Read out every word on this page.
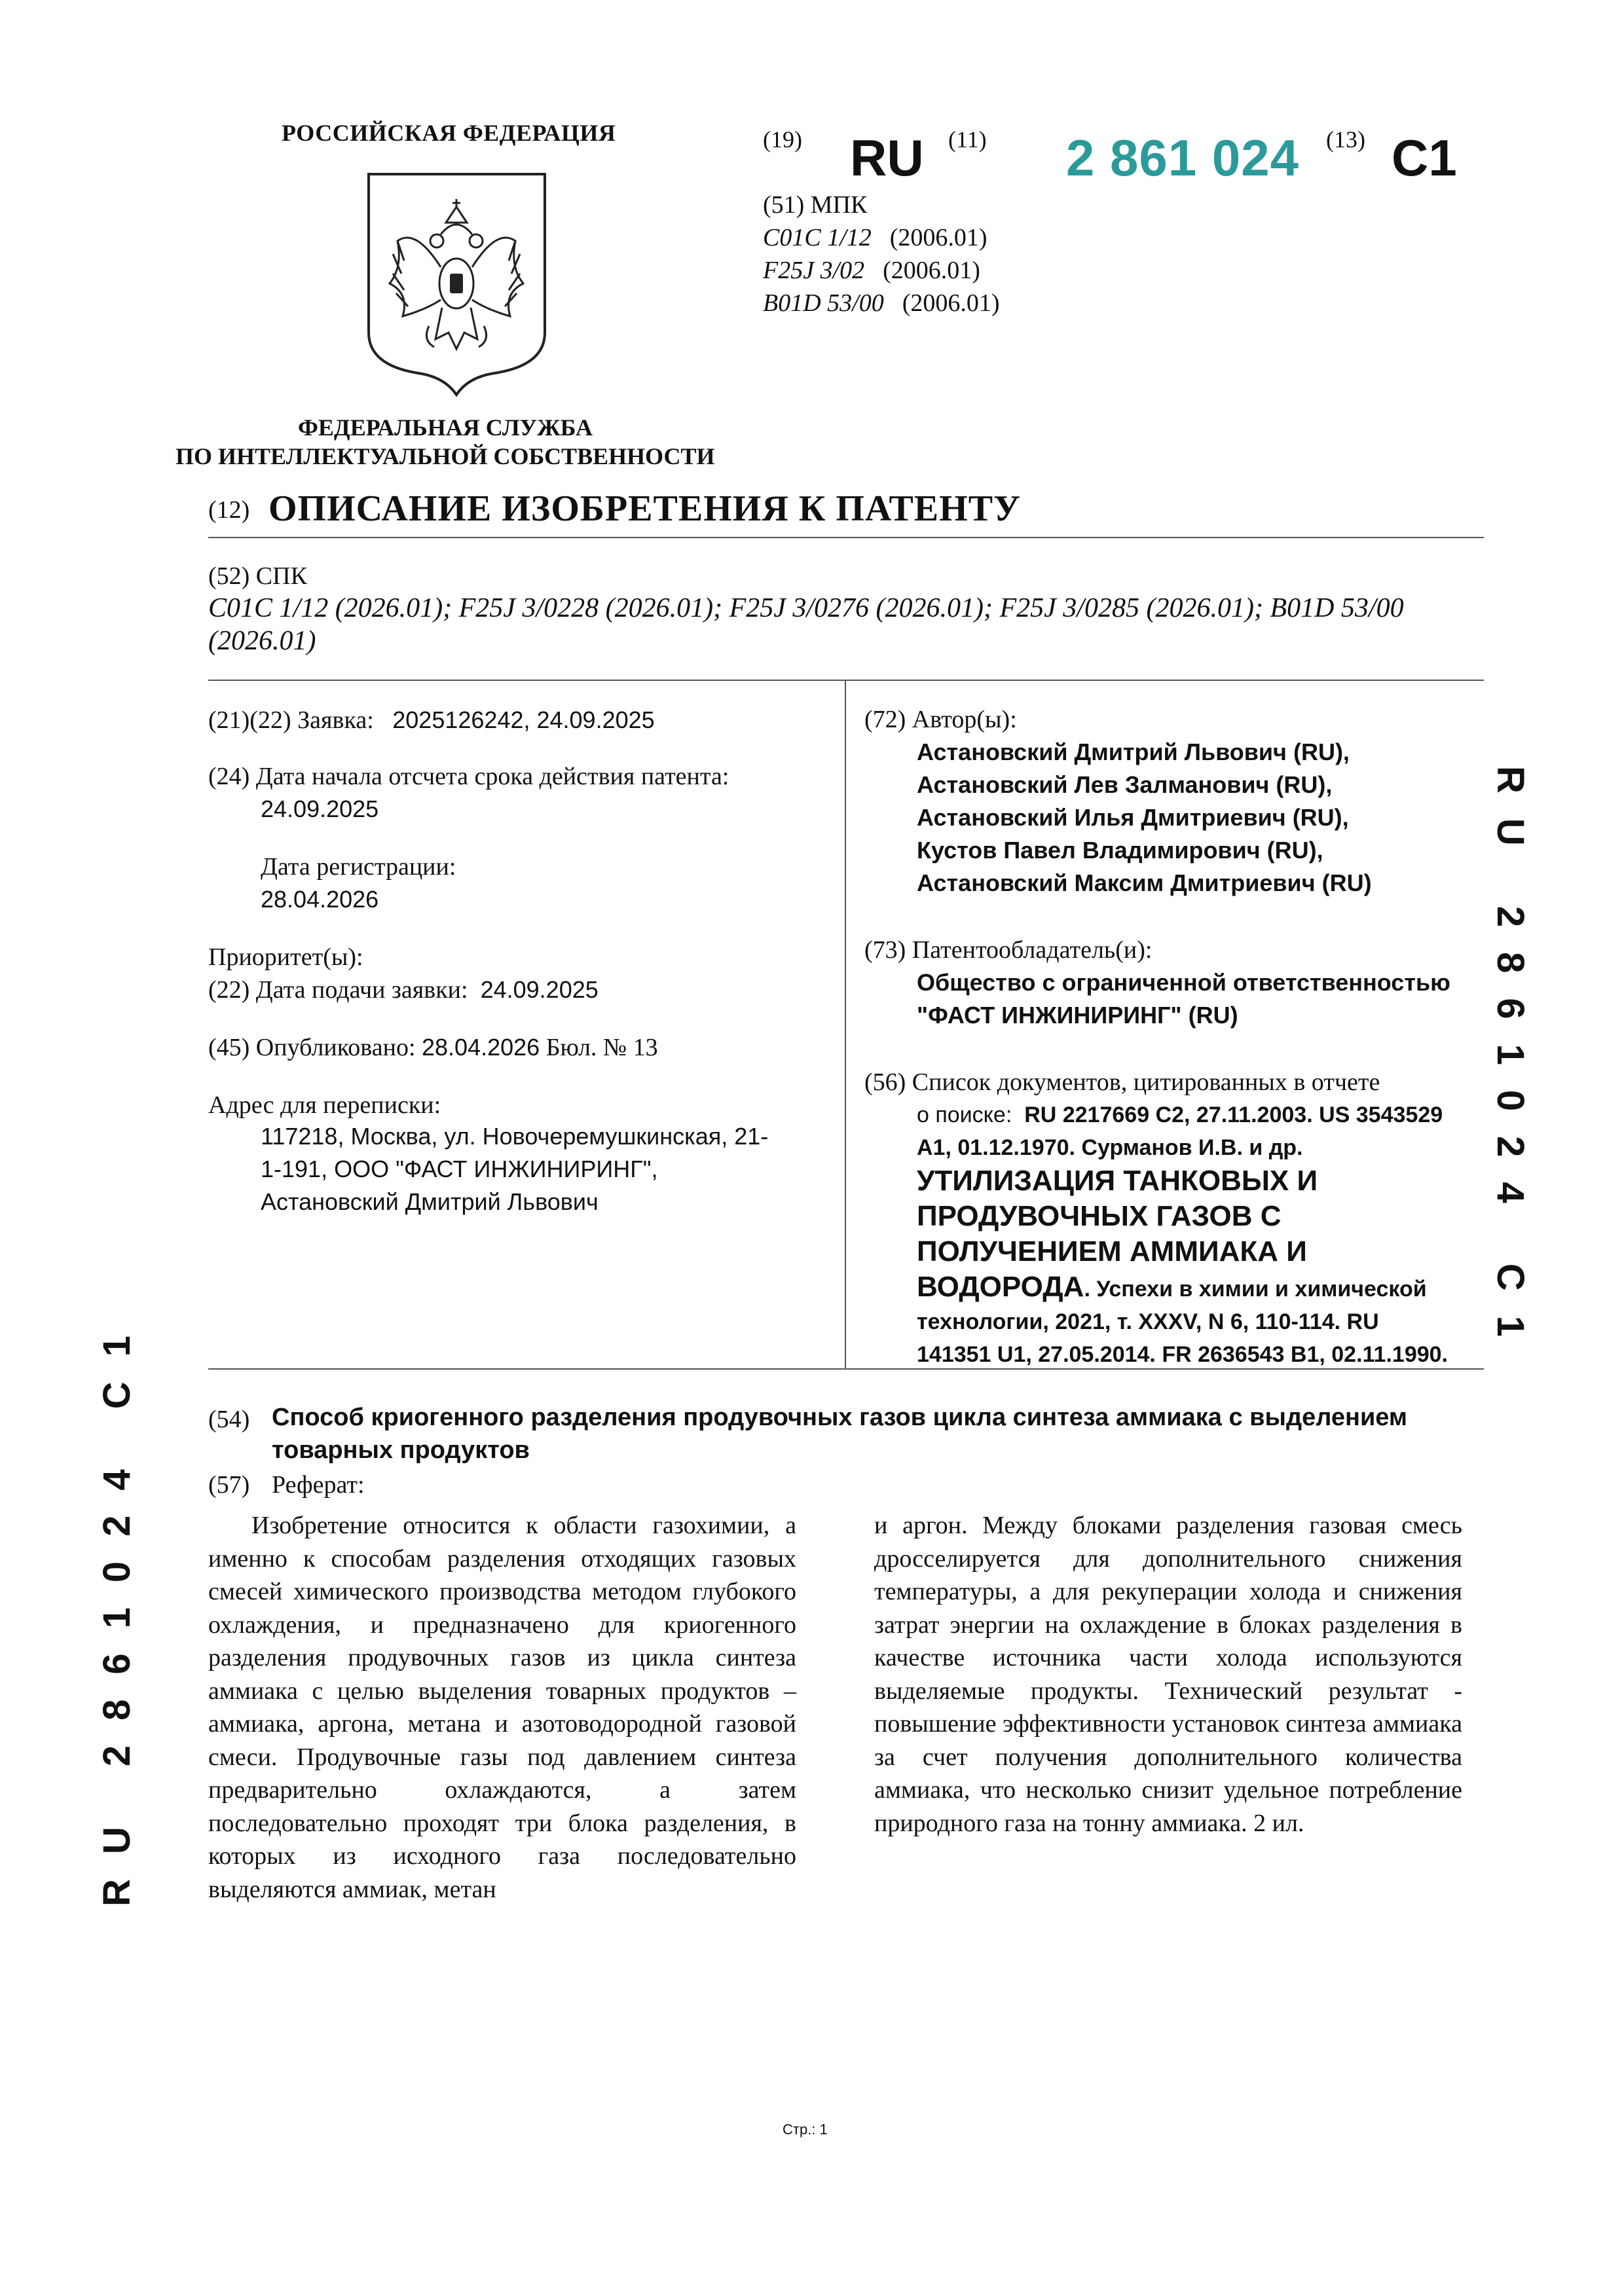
РОССИЙСКАЯ ФЕДЕРАЦИЯ
ФЕДЕРАЛЬНАЯ СЛУЖБА
ПО ИНТЕЛЛЕКТУАЛЬНОЙ СОБСТВЕННОСТИ
(19) RU (11) 2 861 024 (13) C1
(51) МПК
C01C 1/12 (2006.01)
F25J 3/02 (2006.01)
B01D 53/00 (2006.01)
(12) ОПИСАНИЕ ИЗОБРЕТЕНИЯ К ПАТЕНТУ
(52) СПК
C01C 1/12 (2026.01); F25J 3/0228 (2026.01); F25J 3/0276 (2026.01); F25J 3/0285 (2026.01); B01D 53/00 (2026.01)
(21)(22) Заявка: 2025126242, 24.09.2025
(24) Дата начала отсчета срока действия патента:
24.09.2025
Дата регистрации:
28.04.2026
Приоритет(ы):
(22) Дата подачи заявки: 24.09.2025
(45) Опубликовано: 28.04.2026 Бюл. № 13
Адрес для переписки:
117218, Москва, ул. Новочеремушкинская, 21-
1-191, ООО "ФАСТ ИНЖИНИРИНГ",
Астановский Дмитрий Львович
(72) Автор(ы):
Астановский Дмитрий Львович (RU),
Астановский Лев Залманович (RU),
Астановский Илья Дмитриевич (RU),
Кустов Павел Владимирович (RU),
Астановский Максим Дмитриевич (RU)
(73) Патентообладатель(и):
Общество с ограниченной ответственностью
"ФАСТ ИНЖИНИРИНГ" (RU)
(56) Список документов, цитированных в отчете
о поиске: RU 2217669 C2, 27.11.2003. US 3543529 A1, 01.12.1970. Сурманов И.В. и др. УТИЛИЗАЦИЯ ТАНКОВЫХ И ПРОДУВОЧНЫХ ГАЗОВ С ПОЛУЧЕНИЕМ АММИАКА И ВОДОРОДА. Успехи в химии и химической технологии, 2021, т. XXXV, N 6, 110-114. RU 141351 U1, 27.05.2014. FR 2636543 B1, 02.11.1990. RU 2861024 C1
RU 2861024 C1	(54) Способ криогенного разделения продувочных газов цикла синтеза аммиака с выделением товарных продуктов
(57) Реферат:
Изобретение относится к области газохимии, а именно к способам разделения отходящих газовых смесей химического производства методом глубокого охлаждения, и предназначено для криогенного разделения продувочных газов из цикла синтеза аммиака с целью выделения товарных продуктов – аммиака, аргона, метана и азотоводородной газовой смеси. Продувочные газы под давлением синтеза предварительно охлаждаются, а затем последовательно проходят три блока разделения, в которых из исходного газа последовательно выделяются аммиак, метан
и аргон. Между блоками разделения газовая смесь дросселируется для дополнительного снижения температуры, а для рекуперации холода и снижения затрат энергии на охлаждение в блоках разделения в качестве источника части холода используются выделяемые продукты. Технический результат - повышение эффективности установок синтеза аммиака за счет получения дополнительного количества аммиака, что несколько снизит удельное потребление природного газа на тонну аммиака. 2 ил.
Стр.: 1
